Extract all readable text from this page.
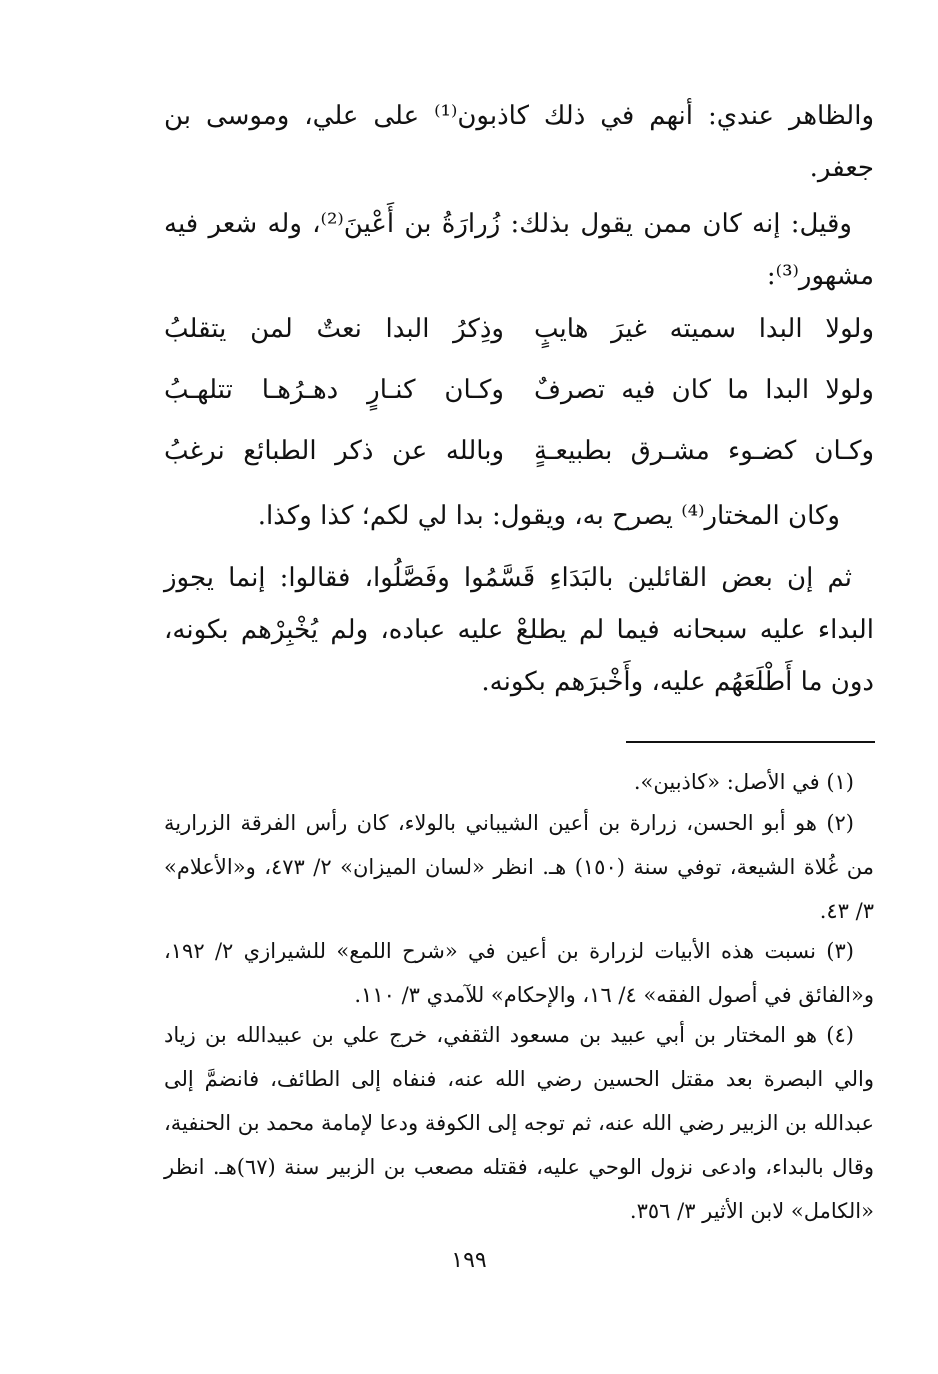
والظاهر عندي: أنهم في ذلك كاذبون⁽¹⁾ على علي، وموسى بن جعفر.

وقيل: إنه كان ممن يقول بذلك: زُرارَةُ بن أَعْينَ⁽²⁾، وله شعر فيه مشهور⁽³⁾:

ولولا البدا سميته غيرَ هايبٍ
وذِكرُ البدا نعتٌ لمن يتقلبُ
ولولا البدا ما كان فيه تصرفٌ
وكـان كنـارٍ دهـرُهـا تتلهـبُ
وكـان كضـوء مشـرق بطبيعـةٍ
وبالله عن ذكر الطبائع نرغبُ

وكان المختار⁽⁴⁾ يصرح به، ويقول: بدا لي لكم؛ كذا وكذا.

ثم إن بعض القائلين بالبَدَاءِ قَسَّمُوا وفَصَّلُوا، فقالوا: إنما يجوز البداء عليه سبحانه فيما لم يطلعْ عليه عباده، ولم يُخْبِرْهم بكونه، دون ما أَطْلَعَهُم عليه، وأَخْبرَهم بكونه.

(١) في الأصل: «كاذبين».

(٢) هو أبو الحسن، زرارة بن أعين الشيباني بالولاء، كان رأس الفرقة الزرارية من غُلاة الشيعة، توفي سنة (١٥٠) هـ. انظر «لسان الميزان» ٢/ ٤٧٣، و«الأعلام» ٣/ ٤٣.

(٣) نسبت هذه الأبيات لزرارة بن أعين في «شرح اللمع» للشيرازي ٢/ ١٩٢، و«الفائق في أصول الفقه» ٤/ ١٦، والإحكام» للآمدي ٣/ ١١٠.

(٤) هو المختار بن أبي عبيد بن مسعود الثقفي، خرج علي بن عبيدالله بن زياد والي البصرة بعد مقتل الحسين رضي الله عنه، فنفاه إلى الطائف، فانضمَّ إلى عبدالله بن الزبير رضي الله عنه، ثم توجه إلى الكوفة ودعا لإمامة محمد بن الحنفية، وقال بالبداء، وادعى نزول الوحي عليه، فقتله مصعب بن الزبير سنة (٦٧)هـ. انظر «الكامل» لابن الأثير ٣/ ٣٥٦.

١٩٩
